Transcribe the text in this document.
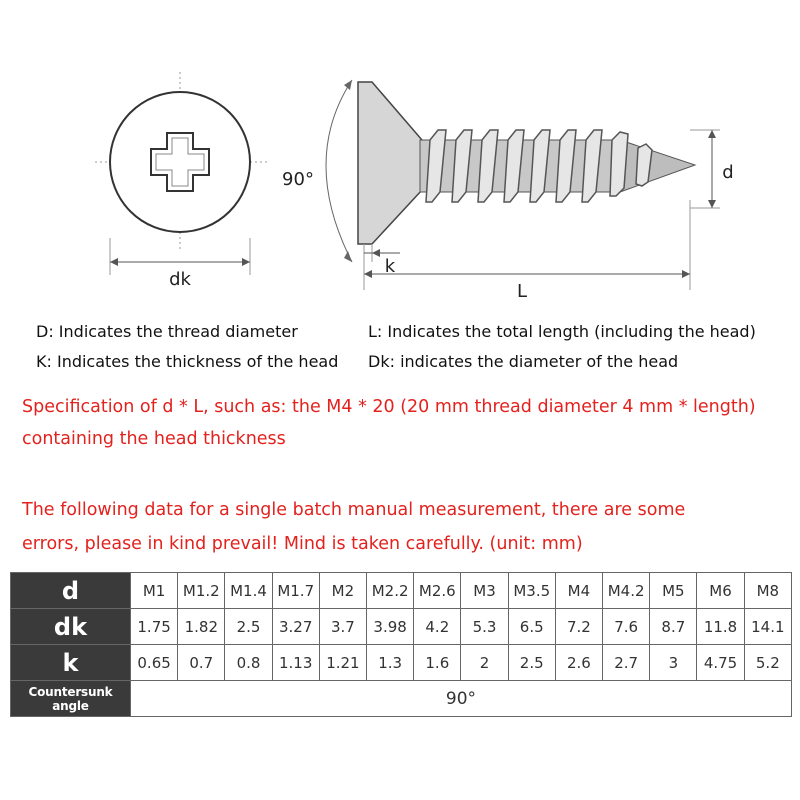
dk
90°	d
k
L
D: Indicates the thread diameter	L: Indicates the total length (including the head)
K: Indicates the thickness of the head Dk: indicates the diameter of the head
Specification of d * L, such as: the M4 * 20 (20 mm thread diameter 4 mm * length)
containing the head thickness
The following data for a single batch manual measurement, there are some
errors, please in kind prevail! Mind is taken carefully. (unit: mm)
d	M1	M1.2	M1.4	M1.7	M2	M2.2	M2.6	M3	M3.5	M4	M4.2	M5	M6	M8
dk	1.75	1.82	2.5	3.27	3.7	3.98	4.2	5.3	6.5	7.2	7.6	8.7	11.8	14.1
k	0.65	0.7	0.8	1.13	1.21	1.3	1.6	2	2.5	2.6	2.7	3	4.75	5.2
Countersunk angle	90°													
